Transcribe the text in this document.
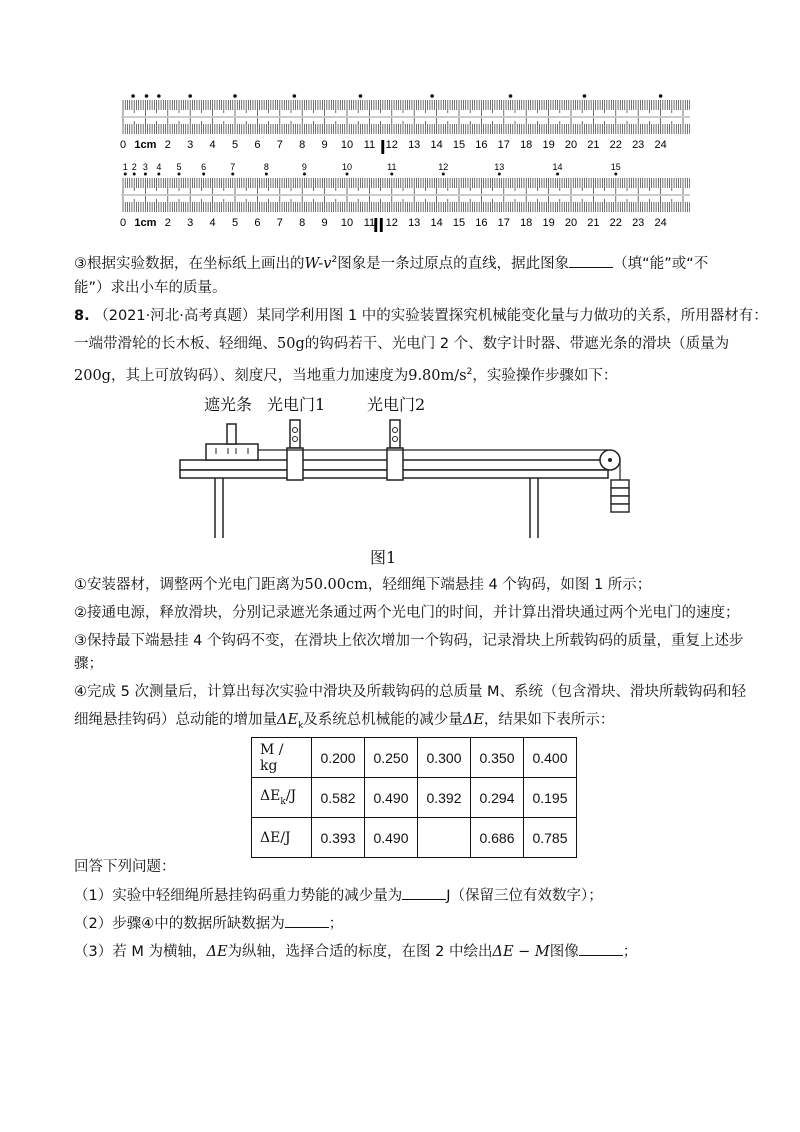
0 1cm 2 3 4 5 6 7 8 9 10 11 12 13 14 15 16 17 18 19 20 21 22 23 24
I
0 1cm 2 3 4 5 6 7 8 9 10 11 12 13 14 15 16 17 18 19 20 21 22 23 24
1 2 3 4 5 6	7	8	9	10	11	12	13	14	15
II
③根据实验数据，在坐标纸上画出的$W-v^2$图象是一条过原点的直线，据此图象	（填“能”或“不
能”）求出小车的质量。
8. （2021·河北·高考真题）某同学利用图 1 中的实验装置探究机械能变化量与力做功的关系，所用器材有：
一端带滑轮的长木板、轻细绳、50g的钩码若干、光电门 2 个、数字计时器、带遮光条的滑块（质量为
200g，其上可放钩码）、刻度尺，当地重力加速度为$9.80m/s^2$，实验操作步骤如下：
遮光条 光电门1	光电门2
图1
①安装器材，调整两个光电门距离为50.00cm，轻细绳下端悬挂 4 个钩码，如图 1 所示；
②接通电源，释放滑块，分别记录遮光条通过两个光电门的时间，并计算出滑块通过两个光电门的速度；
③保持最下端悬挂 4 个钩码不变，在滑块上依次增加一个钩码，记录滑块上所载钩码的质量，重复上述步
骤；
④完成 5 次测量后，计算出每次实验中滑块及所载钩码的总质量 M、系统（包含滑块、滑块所载钩码和轻
细绳悬挂钩码）总动能的增加量$\Delta E_k$及系统总机械能的减少量ΔE，结果如下表所示：
M / kg	0.200	0.250	0.300	0.350	0.400
$\Delta E_k/J$	0.582	0.490	0.392	0.294	0.195
ΔE/J	0.393	0.490		0.686	0.785
回答下列问题：
（1）实验中轻细绳所悬挂钩码重力势能的减少量为	J（保留三位有效数字）；
（2）步骤④中的数据所缺数据为	；
（3）若 M 为横轴，ΔE为纵轴，选择合适的标度，在图 2 中绘出ΔE − M图像	；
